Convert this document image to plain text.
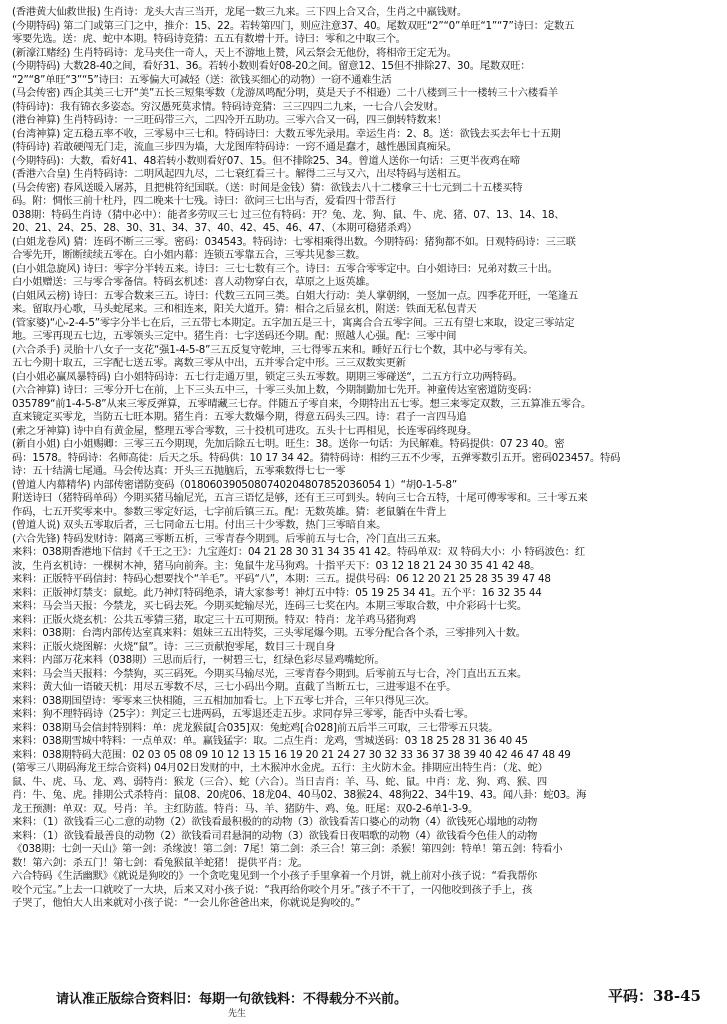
(香港黄大仙救世报) 生肖诗：龙头大吉三当开，龙尾一数三九来。三下四上合又合，生肖之中羸钱财。
(今期特码) 第二门或第三门之中，推介：15、22。若转第四门，则应注意37、40。尾数双旺“2”“0”单旺“1”“7”诗曰：定数五
零要先选。送：虎、蛇中本期。特码诗竞猜：五五有数增十开。诗曰：零和之中取三个。
(新濠江赌经) 生肖特码诗：龙马夹住一奇人，天上不游地上赞，风云祭会无他份，将相帝王定无为。
(今期特码) 大数28-40之间，看好31、36。若转小数则看好08-20之间。留意12、15但不排除27、30。尾数双旺：
“2”“8”单旺“3”“5”诗曰：五零偏大可减轻（送：欲钱买细心的动物）一窃不通难生活
(马会传密) 西企其美三七开“美”五长三短集零数（龙游凤鸣配分明，莫是天子不相逊）二十八楼到三十一楼转三十六楼看羊
(特码诗)：我有锦衣多姿态。穷汉愚死莫求情。特码诗竞猜：三三四四二九来，一七合八会发财。
(港台神算) 生肖特码诗：一三旺码带三六，二四冷开五助功。三零六合又一码，四三倒转特数来！
(台湾神算) 定五稳五率不收，三零易中三七和。特码诗曰：大数五零先录用。幸运生肖：2、8。送：欲钱去买去年七十五期
(特码诗) 若敢硬闯无门走，流血三步四为墙，大龙图库特码诗：一窍不通是蠢才，越性愚国真痴呆。
(今期特码)：大数，看好41、48若转小数则看好07、15。但不排除25、34。曾道人送你一句话：三更半夜鸡在啼
(香港六合皇) 生肖特码诗：二明风起四九尽，二七衰红看三十。解得二三与又六，出尽特码与送相五。
(马会传密) 春风送暖入屠苏，且把桃符纪国联。（送：时间是金钱）猜：欲钱去八十二楼拿三十七元到二十五楼买特
码。附：惆怅三前十杜丹，四二晚来十七残。诗曰：欲问三七出与否，爱看四十带吾行
038期：特码生肖诗（猜中必中）：能者多劳叹三七 过三位有特码：开？兔、龙、狗、鼠、牛、虎、猪、07、13、14、18、
20、21、24、25、28、30、31、34、37、40、42、45、46、47、（本期可稳猪杀鸡）
(白姐龙卷风) 猜：连码不断三三零。密码：034543。特码诗：七零相乘得出数。今期特码：猪狗都不如。日观特码诗：三三联
合零先开，断断续续五零在。白小姐内幕：连锁五零靠五合，三零共见参三数。
(白小姐急旋风) 诗曰：零字分半转五来。诗曰：三七七数有三个。诗曰：五零合零零定中。白小姐诗曰：兄弟对数三十出。
白小姐赠送：三与零合零备信。特码玄机述：喜人动物穿白衣，草原之上返英雄。
(白姐风云榜) 诗曰：五零合数来三五。诗曰：代数三五同三类。白姐大行动：美人掌朝纲，一竖加一点。四季花开旺，一笔逢五
来。留取丹心歌，马头蛇尾来。三和相连来，阳关大道开。猜：相合之后显玄机，附送：铁面无私包青天
(管家婆)“心-2-4-5”零字分半七在后，三五带七本期定。五字加五是三十，寓离合合五零字间。三五有望七来取，设定三零站定
地。三零再现五七边，五零领头三定中。猪生肖：七字送码还今期。配：照越人心强。配：三零中间
(六合杀手) 灵胎十八女子一支花“强1-4-5-8”三五反复守乾坤，三七得零五来和。睡好五行七个数，其中必与零有关。
五七今期十取五，三字配七送五零。离数三零从中出，五并零合定中形。三三双数实更新
(白小姐必赢凤暴特码) 白小姐特码诗：五七行走通万里，锁定三头五零数。期期三零碰送“，二五方行立功两特码。
(六合神算) 诗曰：三零分开七在前，上下三头五中三，十零三头加上数，今期制勤加七先开。神童传达室密道防变码：
035789“前1-4-5-8”从来三零反弹算，五零晴藏三七存。伴随五子零自来，今期特出五七零。想三来零定双数，三五算准五零合。
直来镜定买零龙，当防五七旺本期。猪生肖：五零大数爆今期，得意五码头三四。诗：君子一言四马追
(索之牙神算) 诗中自有黄金屋，整理五零合零数，三十投机可进攻。五头十七再相见，长连零码终现身。
(新自小姐) 白小姐赐卿：三零三五今期现，先加后除五七明。旺生：38。送你一句话：为民解难。特码提供：07 23 40。密
码：1578。特码诗：名师高徒：后天之乐。特码供：10 17 34 42。猜特码诗：相约三五不少零，五弹零数引五开。密码023457。特码
诗：五十结满七尾通。马会传达真：开头三五抛脑后，五零乘数得七七一零
(曾道人内幕精华) 内部传密谱防变码（0180603905080740204807852036054 1）“胡0-1-5-8”
附送诗曰（猪特码单码）今期买猪马输尼光，五言三语忆是够，还有王三可到头。转向三七合五特，十尾可傅零零和。三十零五来
作码，七五开奖零来中。参数三零定好运，七字前后镇三五。配：无数英雄。猜：老鼠躺在牛背上
(曾道人说) 双头五零取后者，三七同命五七用。付出三十少零数，热门三零暗自来。
(六合先锋) 特码发财诗：隔离三零断五析，三零青春今期到。后零前五与七合，冷门直出三五来。
来料：038期香港地下信封《千王之王》：九宝莲灯：04 21 28 30 31 34 35 41 42。特码单双：双 特码大小：小 特码波色：红
波，生肖玄机诗：一棵树木神，猪马向前奔。主：兔鼠牛龙马狗鸡。十指平天下：03 12 18 21 24 30 35 41 42 48。
来料：正版特平码信封：特码心想要找个“羊毛”。平码“八”，本期：三五。提供号码：06 12 20 21 25 28 35 39 47 48
来料：正版神灯禁支：鼠蛇。此乃神灯特码绝杀，请大家参考！神灯五中特：05 19 25 34 41。五个平：16 32 35 44
来料：马会当天报：今禁龙，买七码去死。今期买蛇输尽光，连码三七奖在内。本期三零取合数，中介彩码十七奖。
来料：正版火烧玄机：公共五零猜三猪，取定三十五可期预。特双：特肖：龙羊鸡马猪狗鸡
来料：038期：台湾内部传达室真来料：姐妹三五出特奖，三头零尾爆今期。五零分配合各个杀，三零排列入十数。
来料：正版火烧图解：火烧“鼠”。诗：三三贡献抱零尾，数目三十现自身
来料：内部万花来料（038期）三思而后行，一树碧三七，红绿色彩尽显鸡嘴蛇所。
来料：马会当天报料：今禁狗，买三码死。今期买马输尽光，三零青春今期到。后零前五与七合，冷门直出五五来。
来料：黄大仙一语破天机：用尽五零数不尽，三七小码出今期。直截了当断五七，三进零退不在乎。
来料：038期国望诗：零零来三快相随，三五相加加看七。上下五零七并合，三年只得见三次。
来料：狗不理特码诗（25字）：判定三七进两码，五零退还走五步。求同存异三零零，能否中头看七零。
来料：038期马会信封特别料：单：虎龙猴鼠[合035]双：兔蛇鸡[合028]前五后半三可取，三七带零五只装。
来料：038期雪城中特料：一点单双：单。赢钱猛字：取。二点生肖：龙鸡，雪城送码：03 18 25 28 31 36 40 45
来料：038期特码大范围：02 03 05 08 09 10 12 13 15 16 19 20 21 24 27 30 32 33 36 37 38 39 40 42 46 47 48 49
(第零三八期码海龙王综合资料) 04月02日发财的中，土木猴冲水金虎。五行：主火防木金。排期应出特生肖：（龙、蛇）
鼠、牛、虎、马、龙、鸡、弱特肖：猴龙（三合）、蛇（六合）。当日吉肖：羊、马、蛇、鼠。中肖：龙、狗、鸡、猴、四
肖：牛、兔、虎。排期公式杀特肖：鼠08、20虎06、18龙04、40马02、38猴24、48狗22、34牛19、43。闻八卦：蛇03。海
龙王预测：单双：双。号肖：羊。主红防蓝。特肖：马、羊、猪防牛、鸡、兔。旺尾：双0-2-6单1-3-9。
来料：（1）欲钱看三心二意的动物（2）欲钱看最积极的的动物（3）欲钱看苦口婆心的动物（4）欲钱死心塌地的动物
来料：（1）欲钱看最善良的动物（2）欲钱看司君悬洞的动物（3）欲钱看日夜唱歌的动物（4）欲钱看今色佳人的动物
《038期：七剑一天山》第一剑：杀缘波！第二剑：7尾！第二剑：杀三合！第三剑：杀猴！第四剑：特单！第五剑：特看小
数！第六剑：杀五门！第七剑：看兔猴鼠羊蛇猪！ 提供平肖：龙。
六合特码《生活幽默》《就说是狗咬的》一个贪吃鬼见到一个小孩子手里拿着一个月饼，就上前对小孩子说：“看我帮你
咬个元宝。”上去一口就咬了一大块，后来又对小孩子说：“我再给你咬个月牙。”孩子不干了，一闪他咬到孩子手上，孩
子哭了，他怕大人出来就对小孩子说：“一会儿你爸爸出来，你就说是狗咬的。”
请认准正版综合资料旧：每期一句欲钱料：不得载分不兴前。	平码：38-45
先生
